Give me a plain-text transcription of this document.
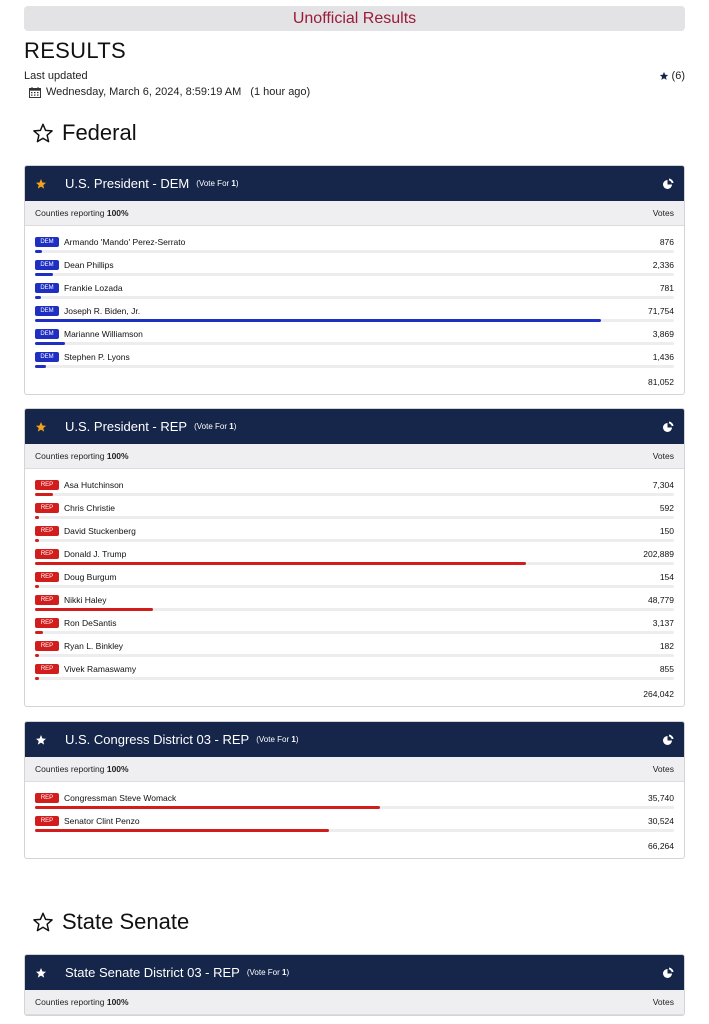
Unofficial Results
RESULTS
Last updated
Wednesday, March 6, 2024, 8:59:19 AM (1 hour ago)
(6)
Federal
State Senate
U.S. President - DEM (Vote For 1)
Counties reporting 100%	Votes
DEM	Armando 'Mando' Perez-Serrato	876
DEM	Dean Phillips	2,336
DEM	Frankie Lozada	781
DEM	Joseph R. Biden, Jr.	71,754
DEM	Marianne Williamson	3,869
DEM	Stephen P. Lyons	1,436
81,052
U.S. President - REP (Vote For 1)
Counties reporting 100%	Votes
REP	Asa Hutchinson	7,304
REP	Chris Christie	592
REP	David Stuckenberg	150
REP	Donald J. Trump	202,889
REP	Doug Burgum	154
REP	Nikki Haley	48,779
REP	Ron DeSantis	3,137
REP	Ryan L. Binkley	182
REP	Vivek Ramaswamy	855
264,042
U.S. Congress District 03 - REP (Vote For 1)
Counties reporting 100%	Votes
REP	Congressman Steve Womack	35,740
REP	Senator Clint Penzo	30,524
66,264
State Senate District 03 - REP (Vote For 1)
Counties reporting 100%	Votes
